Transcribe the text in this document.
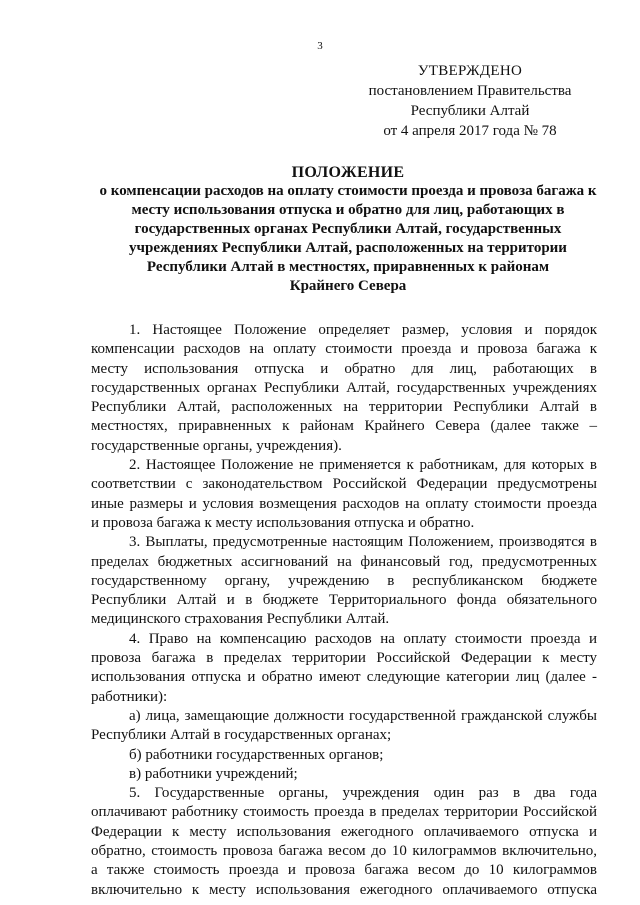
3
УТВЕРЖДЕНО
постановлением Правительства
Республики Алтай
от 4 апреля 2017 года № 78
ПОЛОЖЕНИЕ
о компенсации расходов на оплату стоимости проезда и провоза багажа к
месту использования отпуска и обратно для лиц, работающих в
государственных органах Республики Алтай, государственных
учреждениях Республики Алтай, расположенных на территории
Республики Алтай в местностях, приравненных к районам
Крайнего Севера
1. Настоящее Положение определяет размер, условия и порядок
компенсации расходов на оплату стоимости проезда и провоза багажа к
месту использования отпуска и обратно для лиц, работающих в
государственных органах Республики Алтай, государственных учреждениях
Республики Алтай, расположенных на территории Республики Алтай в
местностях, приравненных к районам Крайнего Севера (далее также –
государственные органы, учреждения).
2. Настоящее Положение не применяется к работникам, для которых в
соответствии с законодательством Российской Федерации предусмотрены
иные размеры и условия возмещения расходов на оплату стоимости проезда
и провоза багажа к месту использования отпуска и обратно.
3. Выплаты, предусмотренные настоящим Положением, производятся в
пределах бюджетных ассигнований на финансовый год, предусмотренных
государственному органу, учреждению в республиканском бюджете
Республики Алтай и в бюджете Территориального фонда обязательного
медицинского страхования Республики Алтай.
4. Право на компенсацию расходов на оплату стоимости проезда и
провоза багажа в пределах территории Российской Федерации к месту
использования отпуска и обратно имеют следующие категории лиц (далее -
работники):
а) лица, замещающие должности государственной гражданской службы
Республики Алтай в государственных органах;
б) работники государственных органов;
в) работники учреждений;
5. Государственные органы, учреждения один раз в два года
оплачивают работнику стоимость проезда в пределах территории Российской
Федерации к месту использования ежегодного оплачиваемого отпуска и
обратно, стоимость провоза багажа весом до 10 килограммов включительно,
а также стоимость проезда и провоза багажа весом до 10 килограммов
включительно к месту использования ежегодного оплачиваемого отпуска
